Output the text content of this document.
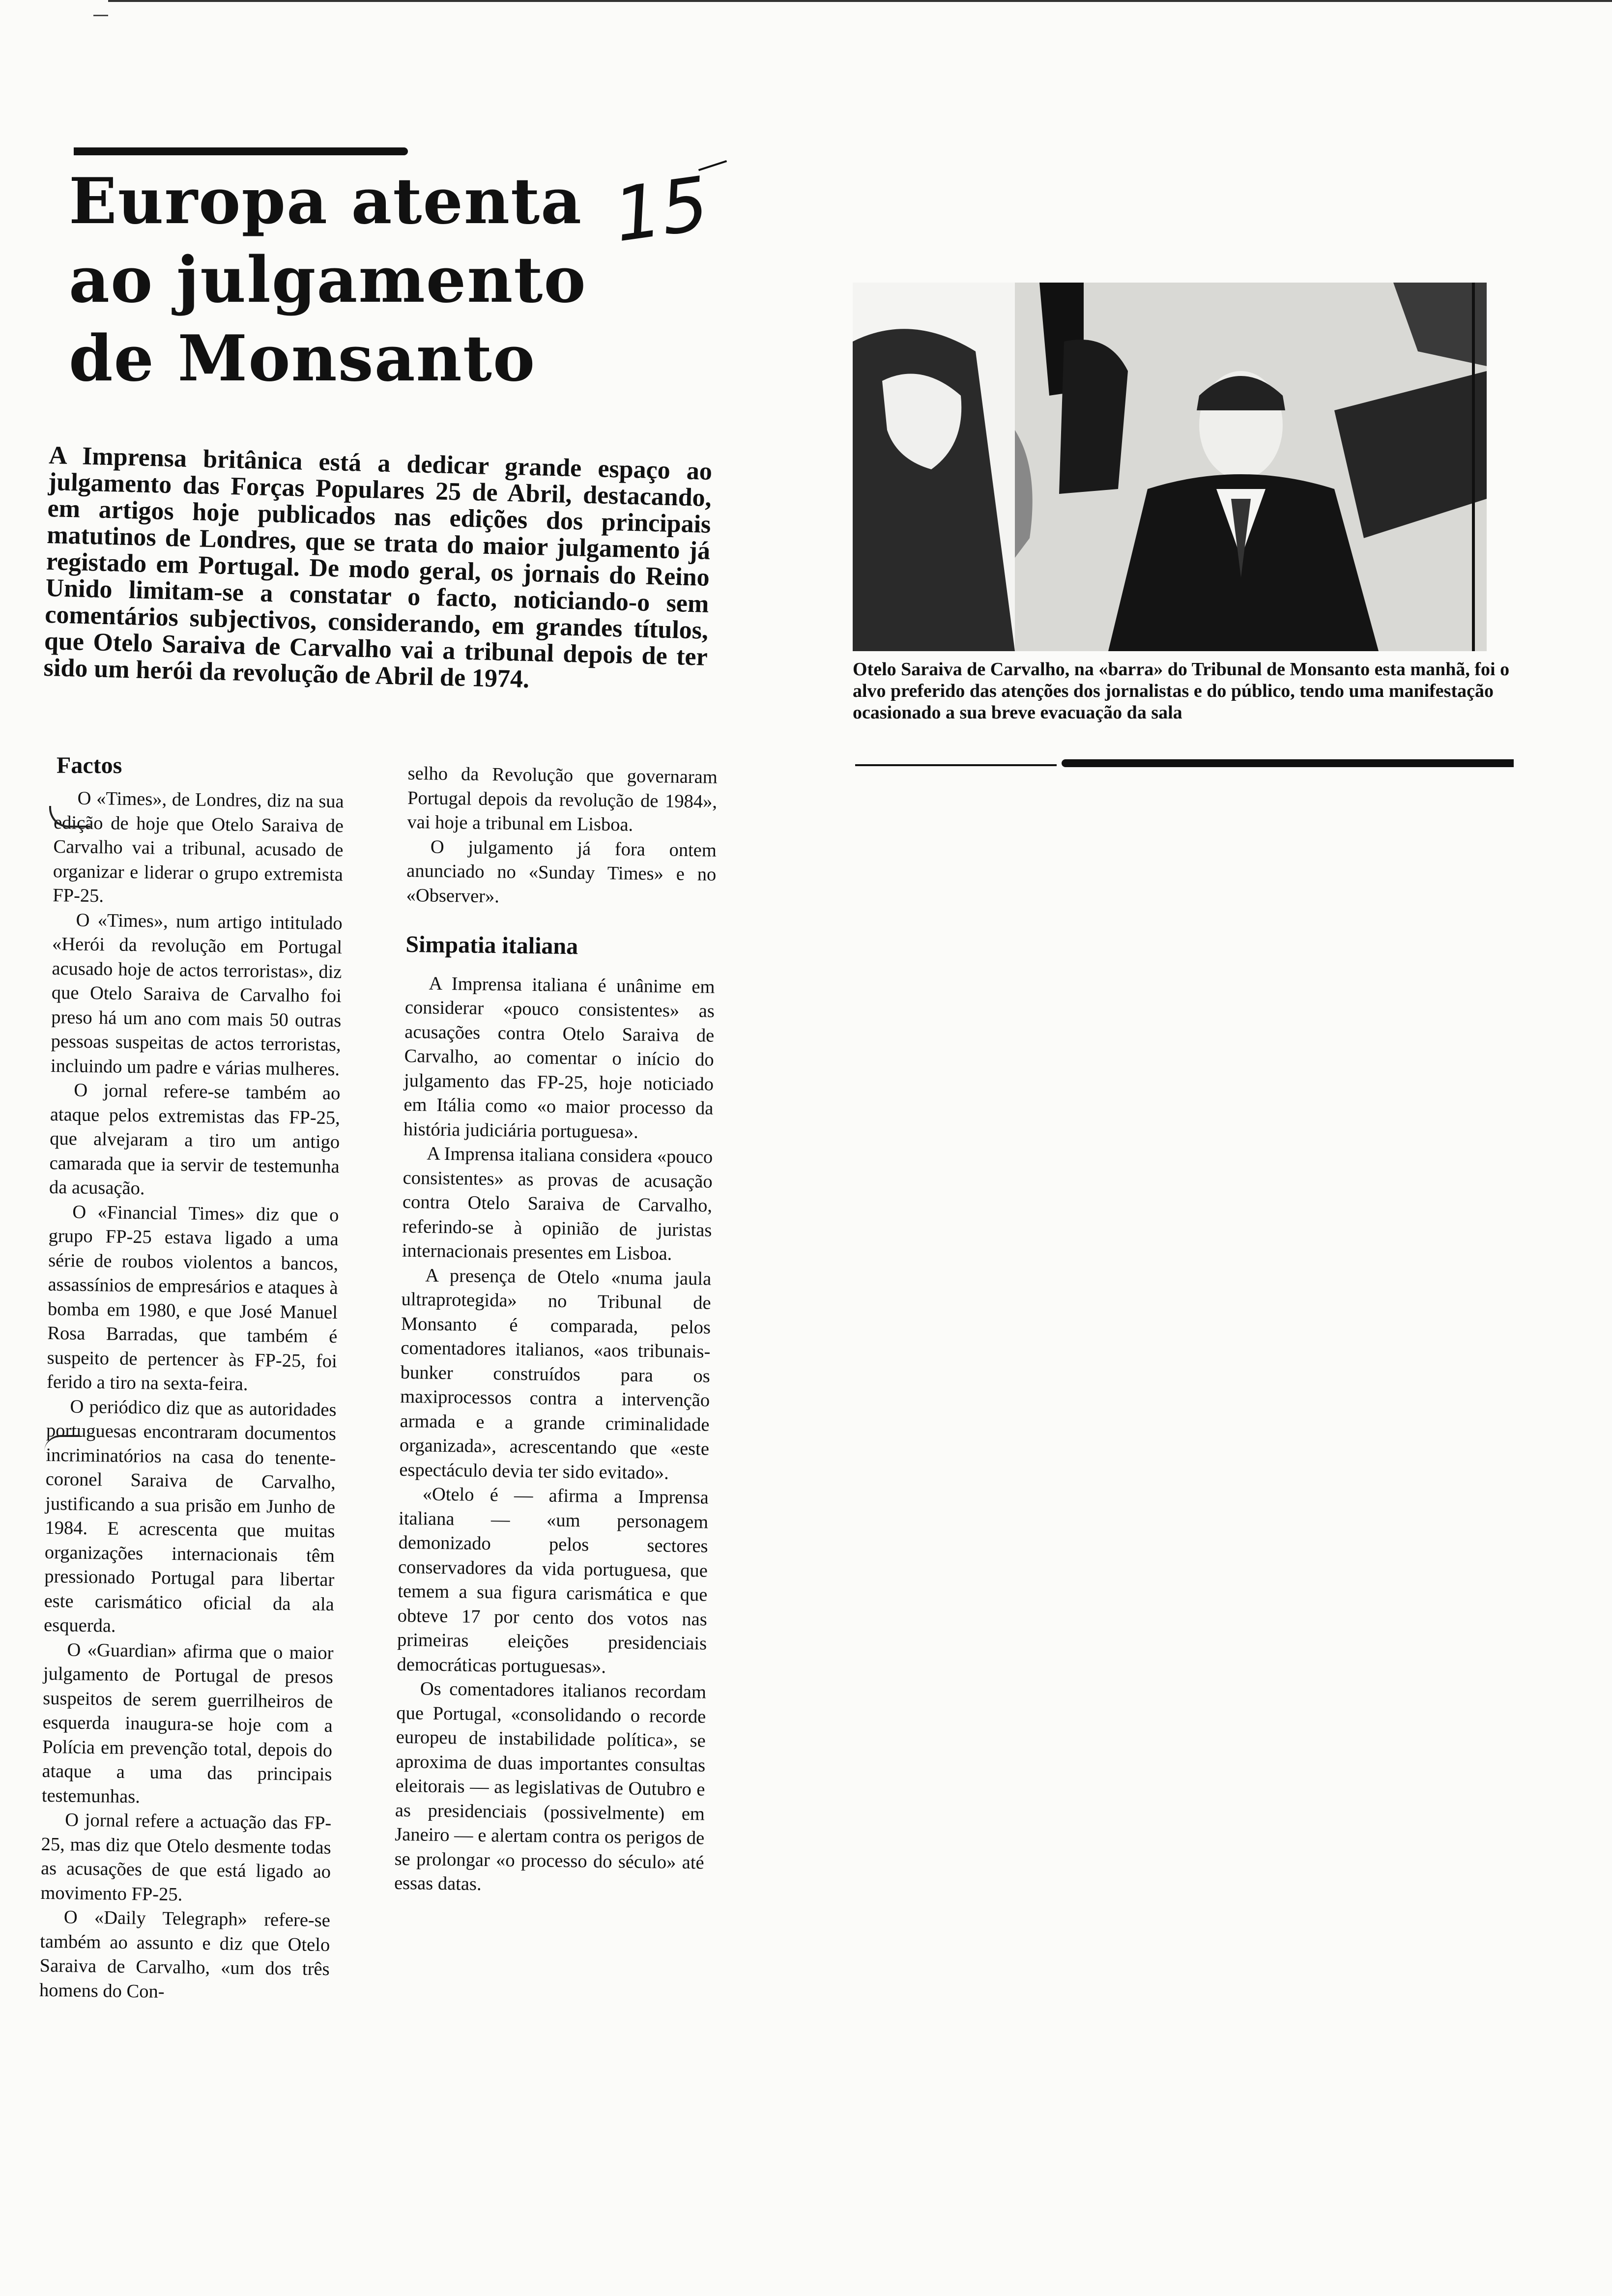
Europa atenta
ao julgamento
de Monsanto
15
A Imprensa britânica está a dedicar grande espaço ao julgamento das Forças Populares 25 de Abril, destacando, em artigos hoje publicados nas edições dos principais matutinos de Londres, que se trata do maior julgamento já registado em Portugal. De modo geral, os jornais do Reino Unido limitam-se a constatar o facto, noticiando-o sem comentários subjectivos, considerando, em grandes títulos, que Otelo Saraiva de Carvalho vai a tribunal depois de ter sido um herói da revolução de Abril de 1974.
Factos

O «Times», de Londres, diz na sua edição de hoje que Otelo Saraiva de Carvalho vai a tribunal, acusado de organizar e liderar o grupo extremista FP-25.

O «Times», num artigo intitulado «Herói da revolução em Portugal acusado hoje de actos terroristas», diz que Otelo Saraiva de Carvalho foi preso há um ano com mais 50 outras pessoas suspeitas de actos terroristas, incluindo um padre e várias mulheres.

O jornal refere-se também ao ataque pelos extremistas das FP-25, que alvejaram a tiro um antigo camarada que ia servir de testemunha da acusação.

O «Financial Times» diz que o grupo FP-25 estava ligado a uma série de roubos violentos a bancos, assassínios de empresários e ataques à bomba em 1980, e que José Manuel Rosa Barradas, que também é suspeito de pertencer às FP-25, foi ferido a tiro na sexta-feira.

O periódico diz que as autoridades portuguesas encontraram documentos incriminatórios na casa do tenente-coronel Saraiva de Carvalho, justificando a sua prisão em Junho de 1984. E acrescenta que muitas organizações internacionais têm pressionado Portugal para libertar este carismático oficial da ala esquerda.

O «Guardian» afirma que o maior julgamento de Portugal de presos suspeitos de serem guerrilheiros de esquerda inaugura-se hoje com a Polícia em prevenção total, depois do ataque a uma das principais testemunhas.

O jornal refere a actuação das FP-25, mas diz que Otelo desmente todas as acusações de que está ligado ao movimento FP-25.

O «Daily Telegraph» refere-se também ao assunto e diz que Otelo Saraiva de Carvalho, «um dos três homens do Con-

selho da Revolução que governaram Portugal depois da revolução de 1984», vai hoje a tribunal em Lisboa.

O julgamento já fora ontem anunciado no «Sunday Times» e no «Observer».

Simpatia italiana

A Imprensa italiana é unânime em considerar «pouco consistentes» as acusações contra Otelo Saraiva de Carvalho, ao comentar o início do julgamento das FP-25, hoje noticiado em Itália como «o maior processo da história judiciária portuguesa».

A Imprensa italiana considera «pouco consistentes» as provas de acusação contra Otelo Saraiva de Carvalho, referindo-se à opinião de juristas internacionais presentes em Lisboa.

A presença de Otelo «numa jaula ultraprotegida» no Tribunal de Monsanto é comparada, pelos comentadores italianos, «aos tribunais-bunker construídos para os maxiprocessos contra a intervenção armada e a grande criminalidade organizada», acrescentando que «este espectáculo devia ter sido evitado».

«Otelo é — afirma a Imprensa italiana — «um personagem demonizado pelos sectores conservadores da vida portuguesa, que temem a sua figura carismática e que obteve 17 por cento dos votos nas primeiras eleições presidenciais democráticas portuguesas».

Os comentadores italianos recordam que Portugal, «consolidando o recorde europeu de instabilidade política», se aproxima de duas importantes consultas eleitorais — as legislativas de Outubro e as presidenciais (possivelmente) em Janeiro — e alertam contra os perigos de se prolongar «o processo do século» até essas datas.

Otelo Saraiva de Carvalho, na «barra» do Tribunal de Monsanto esta manhã, foi o alvo preferido das atenções dos jornalistas e do público, tendo uma manifestação ocasionado a sua breve evacuação da sala
